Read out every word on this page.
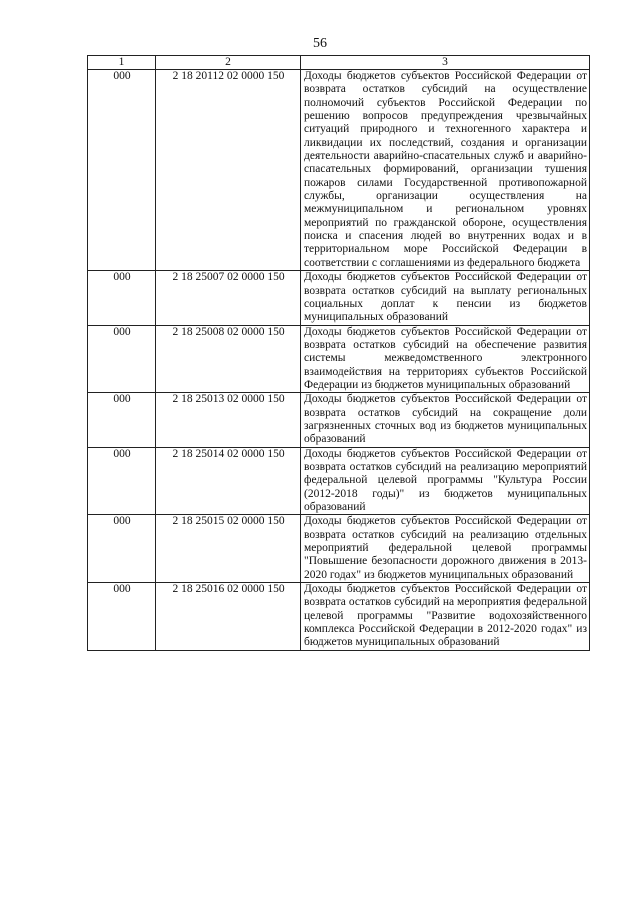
56
1	2	3
000	2 18 20112 02 0000 150	Доходы бюджетов субъектов Российской Федерации от возврата остатков субсидий на осуществление полномочий субъектов Российской Федерации по решению вопросов предупреждения чрезвычайных ситуаций природного и техногенного характера и ликвидации их последствий, создания и организации деятельности аварийно-спасательных служб и аварийно-спасательных формирований, организации тушения пожаров силами Государственной противопожарной службы, организации осуществления на межмуниципальном и региональном уровнях мероприятий по гражданской обороне, осуществления поиска и спасения людей во внутренних водах и в территориальном море Российской Федерации в соответствии с соглашениями из федерального бюджета
000	2 18 25007 02 0000 150	Доходы бюджетов субъектов Российской Федерации от возврата остатков субсидий на выплату региональных социальных доплат к пенсии из бюджетов муниципальных образований
000	2 18 25008 02 0000 150	Доходы бюджетов субъектов Российской Федерации от возврата остатков субсидий на обеспечение развития системы межведомственного электронного взаимодействия на территориях субъектов Российской Федерации из бюджетов муниципальных образований
000	2 18 25013 02 0000 150	Доходы бюджетов субъектов Российской Федерации от возврата остатков субсидий на сокращение доли загрязненных сточных вод из бюджетов муниципальных образований
000	2 18 25014 02 0000 150	Доходы бюджетов субъектов Российской Федерации от возврата остатков субсидий на реализацию мероприятий федеральной целевой программы "Культура России (2012-2018 годы)" из бюджетов муниципальных образований
000	2 18 25015 02 0000 150	Доходы бюджетов субъектов Российской Федерации от возврата остатков субсидий на реализацию отдельных мероприятий федеральной целевой программы "Повышение безопасности дорожного движения в 2013-2020 годах" из бюджетов муниципальных образований
000	2 18 25016 02 0000 150	Доходы бюджетов субъектов Российской Федерации от возврата остатков субсидий на мероприятия федеральной целевой программы "Развитие водохозяйственного комплекса Российской Федерации в 2012-2020 годах" из бюджетов муниципальных образований
